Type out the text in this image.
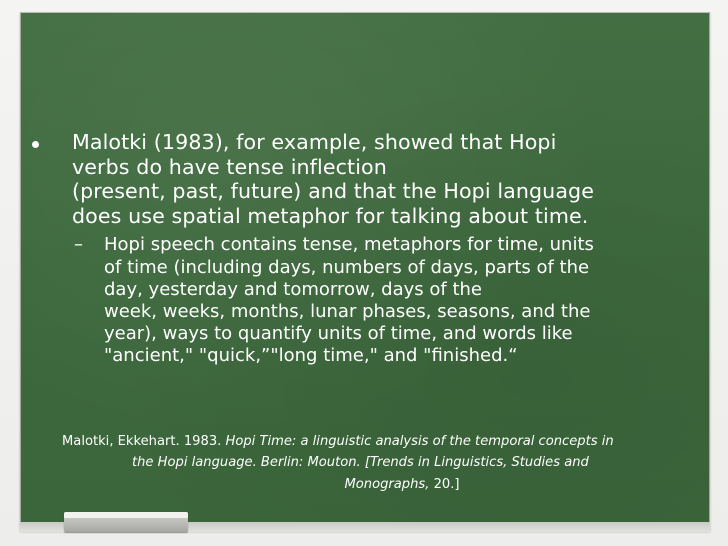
Malotki (1983), for example, showed that Hopi
verbs do have tense inflection
(present, past, future) and that the Hopi language
does use spatial metaphor for talking about time.
– Hopi speech contains tense, metaphors for time, units
of time (including days, numbers of days, parts of the
day, yesterday and tomorrow, days of the
week, weeks, months, lunar phases, seasons, and the
year), ways to quantify units of time, and words like
"ancient," "quick,”"long time," and "finished.“
Malotki, Ekkehart. 1983. Hopi Time: a linguistic analysis of the temporal concepts in
the Hopi language. Berlin: Mouton. [Trends in Linguistics, Studies and
Monographs, 20.]
